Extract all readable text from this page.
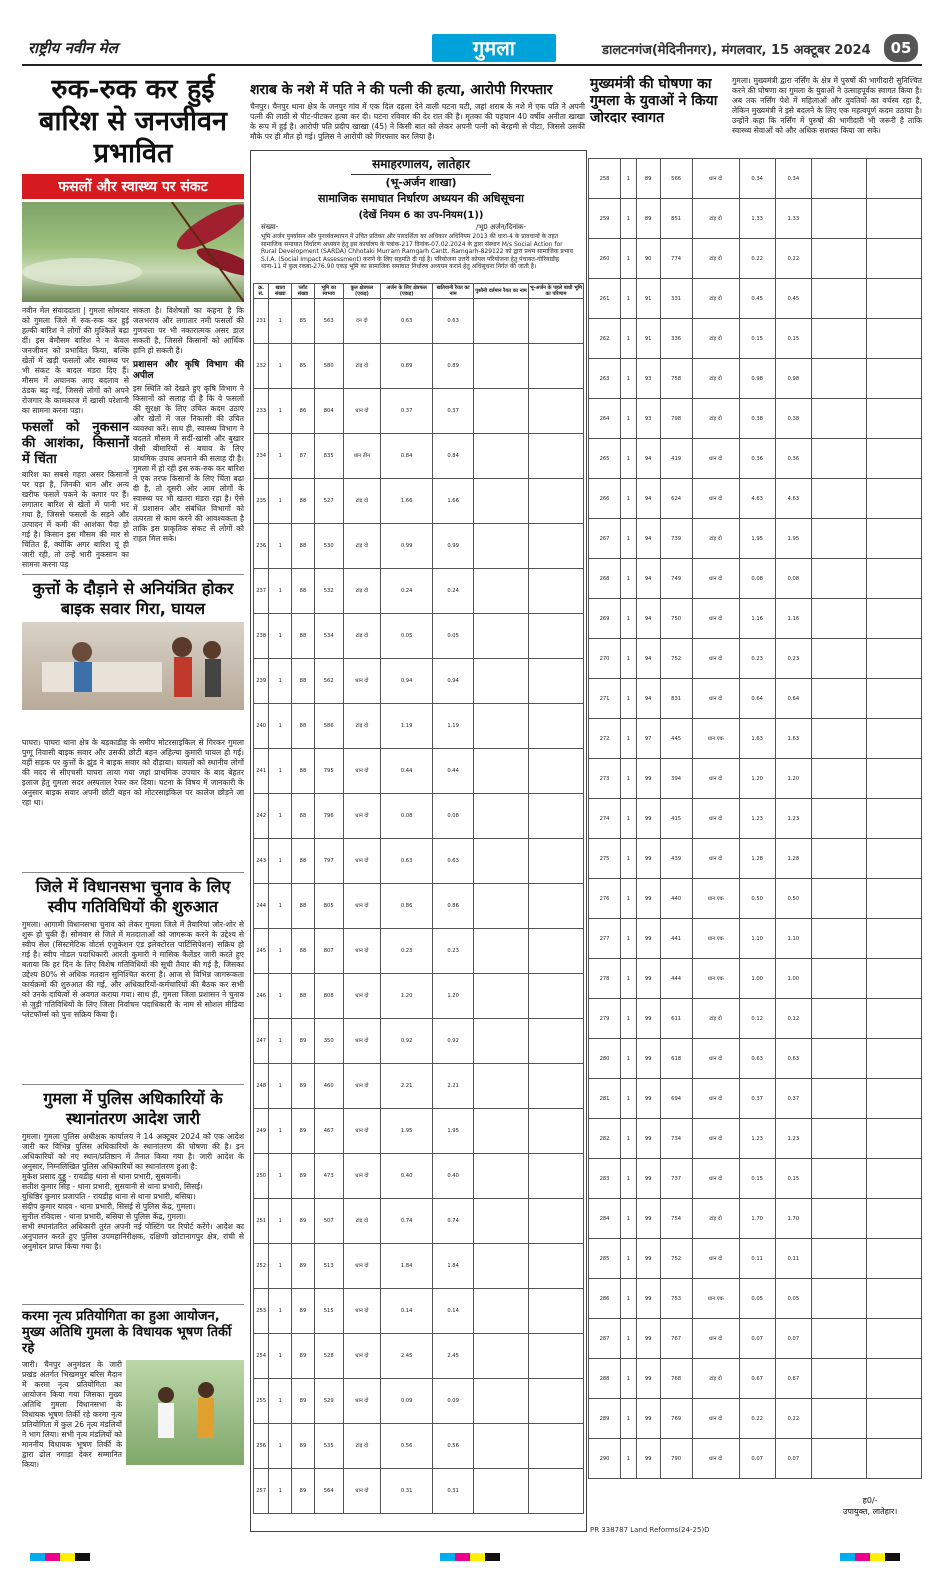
राष्ट्रीय नवीन मेल	गुमला	डालटनगंज(मेदिनीनगर), मंगलवार, 15 अक्टूबर 2024	05
रुक-रुक कर हुई बारिश से जनजीवन प्रभावित
फसलों और स्वास्थ्य पर संकट
नवीन मेल संवाददाता | गुमला सोमवार को गुमला जिले में रुक-रुक कर हुई हल्की बारिश ने लोगों की मुश्किलें बढ़ा दीं। इस बेमौसम बारिश ने न केवल जनजीवन को प्रभावित किया, बल्कि खेतों में खड़ी फसलों और स्वास्थ्य पर भी संकट के बादल मंडरा दिए हैं। मौसम में अचानक आए बदलाव से ठंडक बढ़ गई, जिससे लोगों को अपने रोजगार के कामकाज में खासी परेशानी का सामना करना पड़ा।
फसलों को नुकसान की आशंका, किसानों में चिंता
बारिश का सबसे गहरा असर किसानों पर पड़ा है, जिनकी धान और अन्य खरीफ फसलें पकने के कगार पर हैं। लगातार बारिश से खेतों में पानी भर गया है, जिससे फसलों के सड़ने और उत्पादन में कमी की आशंका पैदा हो गई है। किसान इस मौसम की मार से चिंतित हैं, क्योंकि अगर बारिश यूं ही जारी रही, तो उन्हें भारी नुकसान का सामना करना पड़
सकता है। विशेषज्ञों का कहना है कि जलभराव और लगातार नमी फसलों की गुणवत्ता पर भी नकारात्मक असर डाल सकती है, जिससे किसानों को आर्थिक हानि हो सकती है।
प्रशासन और कृषि विभाग की अपील
इस स्थिति को देखते हुए कृषि विभाग ने किसानों को सलाह दी है कि वे फसलों की सुरक्षा के लिए उचित कदम उठाएं और खेतों में जल निकासी की उचित व्यवस्था करें। साथ ही, स्वास्थ्य विभाग ने बदलते मौसम में सर्दी-खांसी और बुखार जैसी बीमारियों से बचाव के लिए प्राथमिक उपाय अपनाने की सलाह दी है। गुमला में हो रही इस रुक-रुक कर बारिश ने एक तरफ किसानों के लिए चिंता बढ़ा दी है, तो दूसरी ओर आम लोगों के स्वास्थ्य पर भी खतरा मंडरा रहा है। ऐसे में प्रशासन और संबंधित विभागों को तत्परता से काम करने की आवश्यकता है ताकि इस प्राकृतिक संकट से लोगों को राहत मिल सके।
कुत्तों के दौड़ाने से अनियंत्रित होकर बाइक सवार गिरा, घायल
घाघरा। घाघरा थाना क्षेत्र के बड़काडीह के समीप मोटरसाइकिल से गिरकर गुमला पुग्गू निवासी बाइक सवार और उसकी छोटी बहन अहिल्या कुमारी घायल हो गई। वहीं सड़क पर कुत्तों के झुंड ने बाइक सवार को दौड़ाया। घायलों को स्थानीय लोगों की मदद से सीएचसी घाघरा लाया गया जहां प्राथमिक उपचार के बाद बेहतर इलाज हेतु गुमला सदर अस्पताल रेफर कर दिया। घटना के विषय में जानकारी के अनुसार बाइक सवार अपनी छोटी बहन को मोटरसाइकिल पर कालेज छोड़ने जा रहा था।
जिले में विधानसभा चुनाव के लिए स्वीप गतिविधियों की शुरुआत
गुमला। आगामी विधानसभा चुनाव को लेकर गुमला जिले में तैयारियां जोर-शोर से शुरू हो चुकी हैं। सोमवार से जिले में मतदाताओं को जागरूक करने के उद्देश्य से स्वीप सेल (सिस्टमेटिक वोटर्स एजुकेशन एंड इलेक्टोरल पार्टिसिपेशन) सक्रिय हो गई है। स्वीप नोडल पदाधिकारी आरती कुमारी ने मासिक कैलेंडर जारी करते हुए बताया कि हर दिन के लिए विशेष गतिविधियों की सूची तैयार की गई है, जिसका उद्देश्य 80% से अधिक मतदान सुनिश्चित करना है। आज से विभिन्न जागरूकता कार्यक्रमों की शुरुआत की गई, और अधिकारियों-कर्मचारियों की बैठक कर सभी को उनके दायित्वों से अवगत कराया गया। साथ ही, गुमला जिला प्रशासन ने चुनाव से जुड़ी गतिविधियों के लिए जिला निर्वाचन पदाधिकारी के नाम से सोशल मीडिया प्लेटफॉर्म्स को पुनः सक्रिय किया है।
गुमला में पुलिस अधिकारियों के स्थानांतरण आदेश जारी
गुमला। गुमला पुलिस अधीक्षक कार्यालय ने 14 अक्टूबर 2024 को एक आदेश जारी कर विभिन्न पुलिस अधिकारियों के स्थानांतरण की घोषणा की है। इन अधिकारियों को नए स्थान/प्रतिष्ठान में तैनात किया गया है। जारी आदेश के अनुसार, निम्नलिखित पुलिस अधिकारियों का स्थानांतरण हुआ है:
मुकेश प्रसाद दुड्डू - रायडीह थाना से थाना प्रभारी, सुसवानी।
सतीश कुमार सिंह - थाना प्रभारी, सुसवानी से थाना प्रभारी, सिसई।
युधिष्ठिर कुमार प्रजापति - रायडीह थाना से थाना प्रभारी, बसिया।
संदीप कुमार यादव - थाना प्रभारी, सिसई से पुलिस केंद्र, गुमला।
सुनील रविदास - थाना प्रभारी, बसिया से पुलिस केंद्र, गुमला।
सभी स्थानांतरित अधिकारी तुरंत अपनी नई पोस्टिंग पर रिपोर्ट करेंगे। आदेश का अनुपालन करते हुए पुलिस उपमहानिरीक्षक, दक्षिणी छोटानागपुर क्षेत्र, रांची से अनुमोदन प्राप्त किया गया है।
करमा नृत्य प्रतियोगिता का हुआ आयोजन, मुख्य अतिथि गुमला के विधायक भूषण तिर्की रहे
जारी। चैनपुर अनुमंडल के जारी प्रखंड अंतर्गत भिखमपुर बरिस मैदान में करमा नृत्य प्रतियोगिता का आयोजन किया गया जिसका मुख्य अतिथि गुमला विधानसभा के विधायक भूषण तिर्की रहे करमा नृत्य प्रतियोगिता में कुल 26 नृत्य मंडलियों ने भाग लिया। सभी नृत्य मंडलियों को माननीय विधायक भूषण तिर्की के द्वारा ढोल नगाड़ा देकर सम्मानित किया।
शराब के नशे में पति ने की पत्नी की हत्या, आरोपी गिरफ्तार
चैनपुर। चैनपुर थाना क्षेत्र के जनपुर गांव में एक दिल दहला देने वाली घटना घटी, जहां शराब के नशे में एक पति ने अपनी पत्नी की लाठी से पीट-पीटकर हत्या कर दी। घटना रविवार की देर रात की है। मृतका की पहचान 40 वर्षीय अनीता खाखा के रूप में हुई है। आरोपी पति प्रदीप खाखा (45) ने किसी बात को लेकर अपनी पत्नी को बेरहमी से पीटा, जिससे उसकी मौके पर ही मौत हो गई। पुलिस ने आरोपी को गिरफ्तार कर लिया है।
मुख्यमंत्री की घोषणा का गुमला के युवाओं ने किया जोरदार स्वागत
गुमला। मुख्यमंत्री द्वारा नर्सिंग के क्षेत्र में पुरुषों की भागीदारी सुनिश्चित करने की घोषणा का गुमला के युवाओं ने उत्साहपूर्वक स्वागत किया है। अब तक नर्सिंग पेशे में महिलाओं और युवतियों का वर्चस्व रहा है, लेकिन मुख्यमंत्री ने इसे बदलने के लिए एक महत्वपूर्ण कदम उठाया है। उन्होंने कहा कि नर्सिंग में पुरुषों की भागीदारी भी जरूरी है ताकि स्वास्थ्य सेवाओं को और अधिक सशक्त किया जा सके।
समाहरणालय, लातेहार
(भू-अर्जन शाखा)
सामाजिक समाघात निर्धारण अध्ययन की अधिसूचना
(देखें नियम 6 का उप-नियम(1))
संख्या-	/भू0 अर्जन/दिनांक-
भूमि अर्जन पुनर्वासन और पुनर्व्यवस्थापन में उचित प्रतिकर और पारदर्शिता का अधिकार अधिनियम 2013 की धारा-4 के प्रावधानों के तहत सामाजिक समाघात निर्धारण अध्ययन हेतु इस कार्यालय के पत्रांक-217 दिनांक-07.02.2024 के द्वारा संस्थान M/s Social Action for Rural Development (SARDA) Chhotaki Murram Ramgarh Cantt. Ramgarh-829122 को द्वारा प्रथम सामाजिक प्रभाव S.I.A. (Social Impact Assessment) कराने के लिए सहमति दी गई है। परियोजना उत्तरी कोयल परियोजना हेतु पंचायत-गोरियाडीह थाना-11 में कुल रकबा-276.90 एकड़ भूमि का सामाजिक समाघात निर्धारण अध्ययन कराने हेतु अधिसूचना निर्गत की जाती है।
क्र. सं.	खाता संख्या	प्लॉट संख्या	भूमि का स्वभाव	कुल क्षेत्रफल (एकड़)	अर्जन के लिए क्षेत्रफल (एकड़)	खतियानी रैयत का नाम	पुश्तैनी वर्तमान रैयत का नाम	भू-अर्जन के पहले बाधी भूमि का परिणाम
231	1	85	563	दन दो	0.63	0.63		
232	1	85	580	टांड़ दो	0.89	0.89		
233	1	86	804	धान दो	0.37	0.37		
234	1	87	835	धान तीन	0.84	0.84		
235	1	88	527	टांड़ दो	1.66	1.66		
236	1	88	530	टांड़ दो	0.99	0.99		
237	1	88	532	टांड़ दो	0.24	0.24		
238	1	88	534	टांड़ दो	0.05	0.05		
239	1	88	562	धान दो	0.94	0.94		
240	1	88	586	टांड़ दो	1.19	1.19		
241	1	88	795	धान दो	0.44	0.44		
242	1	88	796	धान दो	0.08	0.08		
243	1	88	797	धान दो	0.63	0.63		
244	1	88	805	धान दो	0.86	0.86		
245	1	88	807	धान दो	0.23	0.23		
246	1	88	808	धान दो	1.20	1.20		
247	1	89	350	धान दो	0.92	0.92		
248	1	89	460	धान दो	2.21	2.21		
249	1	89	467	धान दो	1.95	1.95		
250	1	89	473	धान दो	0.40	0.40		
251	1	89	507	टांड़ दो	0.74	0.74		
252	1	89	513	धान दो	1.84	1.84		
253	1	89	515	धान दो	0.14	0.14		
254	1	89	528	धान दो	2.45	2.45		
255	1	89	529	धान दो	0.09	0.09		
256	1	89	535	टांड़ दो	0.56	0.56		
257	1	89	564	धान दो	0.31	0.31		
258	1	89	566	धान दो	0.34	0.34		
259	1	89	851	टांड़ दो	1.33	1.33		
260	1	90	774	टांड़ दो	0.22	0.22		
261	1	91	331	टांड़ दो	0.45	0.45		
262	1	91	336	टांड़ दो	0.15	0.15		
263	1	93	758	टांड़ दो	0.98	0.98		
264	1	93	798	टांड़ दो	0.38	0.38		
265	1	94	419	धान दो	0.36	0.36		
266	1	94	624	धान दो	4.63	4.63		
267	1	94	739	टांड़ दो	1.95	1.95		
268	1	94	749	धान दो	0.08	0.08		
269	1	94	750	धान दो	1.16	1.16		
270	1	94	752	धान दो	0.23	0.23		
271	1	94	831	धान दो	0.64	0.64		
272	1	97	445	धान एक	1.63	1.63		
273	1	99	394	धान दो	1.20	1.20		
274	1	99	415	धान दो	1.23	1.23		
275	1	99	439	धान दो	1.28	1.28		
276	1	99	440	धान एक	0.50	0.50		
277	1	99	441	धान एक	1.10	1.10		
278	1	99	444	धान एक	1.00	1.00		
279	1	99	611	टांड़ दो	0.12	0.12		
280	1	99	618	धान दो	0.63	0.63		
281	1	99	694	धान दो	0.37	0.37		
282	1	99	734	धान दो	1.23	1.23		
283	1	99	737	धान दो	0.15	0.15		
284	1	99	754	टांड़ दो	1.70	1.70		
285	1	99	752	धान दो	0.11	0.11		
286	1	99	753	धान एक	0.05	0.05		
287	1	99	767	धान दो	0.07	0.07		
288	1	99	768	टांड़ दो	0.67	0.67		
289	1	99	769	धान दो	0.22	0.22		
290	1	99	790	धान दो	0.07	0.07		
ह0/-
उपायुक्त, लातेहार।
PR 338787 Land Reforms(24-25)D
